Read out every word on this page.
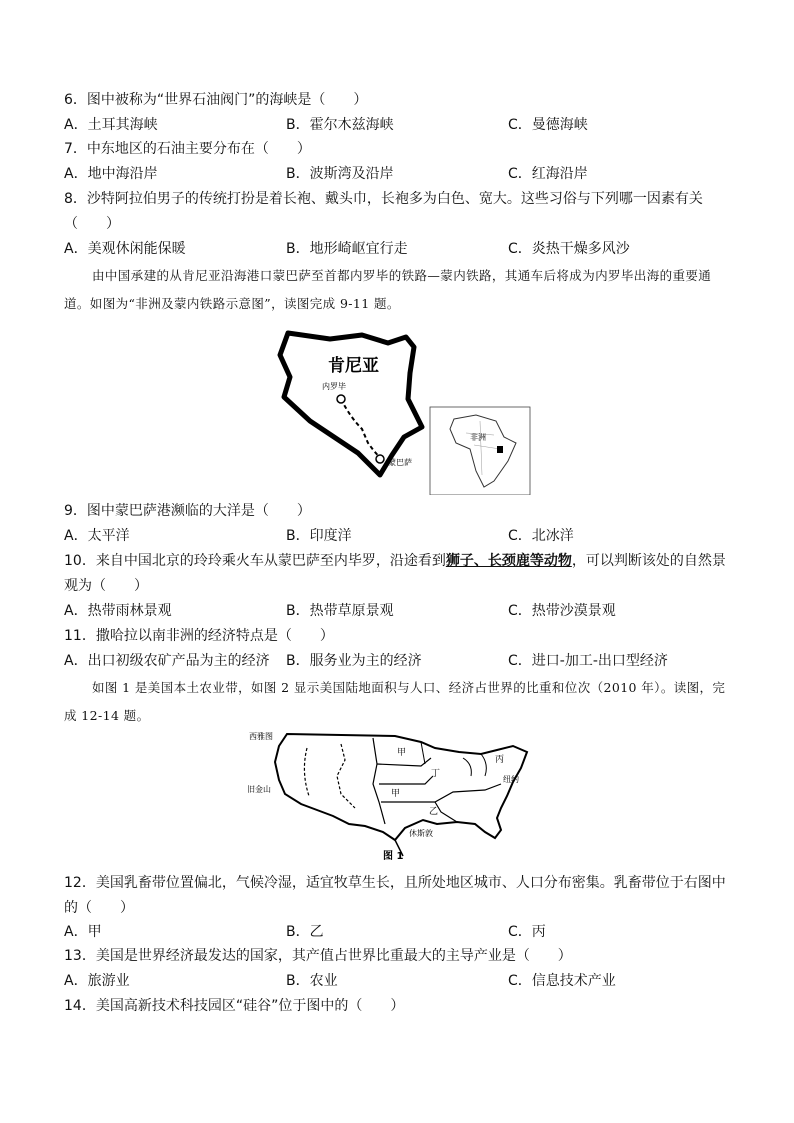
6．图中被称为“世界石油阀门”的海峡是（　　）
A．土耳其海峡	B．霍尔木兹海峡	C．曼德海峡
7．中东地区的石油主要分布在（　　）
A．地中海沿岸	B．波斯湾及沿岸	C．红海沿岸
8．沙特阿拉伯男子的传统打扮是着长袍、戴头巾，长袍多为白色、宽大。这些习俗与下列哪一因素有关
（　　）
A．美观休闲能保暖	B．地形崎岖宜行走	C．炎热干燥多风沙
由中国承建的从肯尼亚沿海港口蒙巴萨至首都内罗毕的铁路—蒙内铁路，其通车后将成为内罗毕出海的重要通道。如图为“非洲及蒙内铁路示意图”，读图完成 9-11 题。
肯尼亚
内罗毕
蒙巴萨
非洲
9．图中蒙巴萨港濒临的大洋是（　　）
A．太平洋	B．印度洋	C．北冰洋
10．来自中国北京的玲玲乘火车从蒙巴萨至内毕罗，沿途看到狮子、长颈鹿等动物，可以判断该处的自然景
观为（　　）
A．热带雨林景观	B．热带草原景观	C．热带沙漠景观
11．撒哈拉以南非洲的经济特点是（　　）
A．出口初级农矿产品为主的经济 B．服务业为主的经济	C．进口-加工-出口型经济
如图 1 是美国本土农业带，如图 2 显示美国陆地面积与人口、经济占世界的比重和位次（2010 年）。读图，完成 12-14 题。
西雅图
旧金山
休斯敦
纽约
甲
甲
丁
乙
丙
图 1
12．美国乳畜带位置偏北，气候冷湿，适宜牧草生长，且所处地区城市、人口分布密集。乳畜带位于右图中
的（　　）
A．甲	B．乙	C．丙
13．美国是世界经济最发达的国家，其产值占世界比重最大的主导产业是（　　）
A．旅游业	B．农业	C．信息技术产业
14．美国高新技术科技园区“硅谷”位于图中的（　　）
